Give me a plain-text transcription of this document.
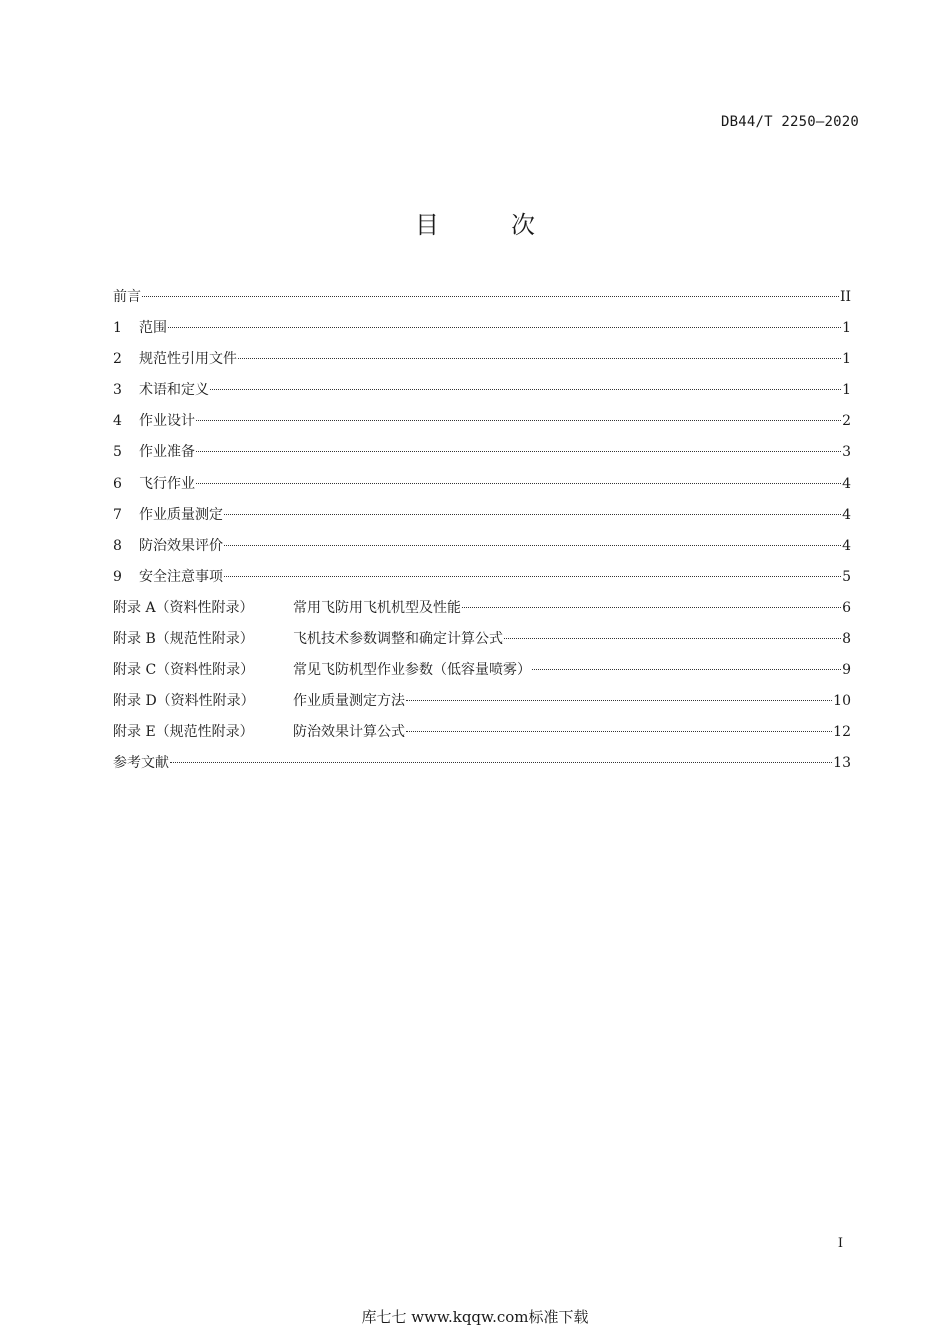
DB44/T 2250—2020
目次
前言	II
1	范围	1
2	规范性引用文件	1
3	术语和定义	1
4	作业设计	2
5	作业准备	3
6	飞行作业	4
7	作业质量测定	4
8	防治效果评价	4
9	安全注意事项	5
附录 A（资料性附录）	常用飞防用飞机机型及性能	6
附录 B（规范性附录）	飞机技术参数调整和确定计算公式	8
附录 C（资料性附录）	常见飞防机型作业参数（低容量喷雾）	9
附录 D（资料性附录）	作业质量测定方法	10
附录 E（规范性附录）	防治效果计算公式	12
参考文献	13
I
库七七 www.kqqw.com标准下载
